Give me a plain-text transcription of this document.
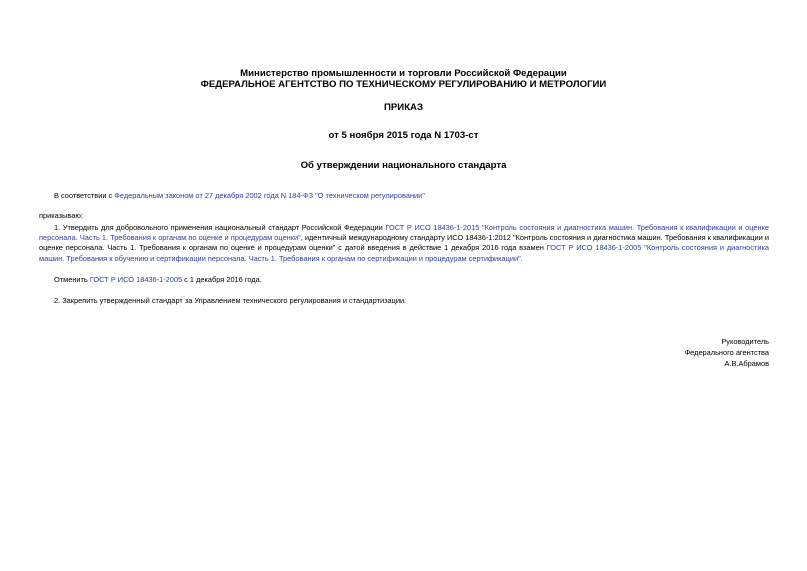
Министерство промышленности и торговли Российской Федерации
ФЕДЕРАЛЬНОЕ АГЕНТСТВО ПО ТЕХНИЧЕСКОМУ РЕГУЛИРОВАНИЮ И МЕТРОЛОГИИ
ПРИКАЗ
от 5 ноября 2015 года N 1703-ст
Об утверждении национального стандарта
В соответствии с Федеральным законом от 27 декабря 2002 года N 184-ФЗ "О техническом регулировании"
приказываю:
1. Утвердить для добровольного применения национальный стандарт Российской Федерации ГОСТ Р ИСО 18436-1-2015 "Контроль состояния и диагностика машин. Требования к квалификации и оценке персонала. Часть 1. Требования к органам по оценке и процедурам оценки", идентичный международному стандарту ИСО 18436-1:2012 "Контроль состояния и диагностика машин. Требования к квалификации и оценке персонала. Часть 1. Требования к органам по оценке и процедурам оценки" с датой введения в действие 1 декабря 2016 года взамен ГОСТ Р ИСО 18436-1-2005 "Контроль состояния и диагностика машин. Требования к обучению и сертификации персонала. Часть 1. Требования к органам по сертификации и процедурам сертификации".
Отменить ГОСТ Р ИСО 18436-1-2005 с 1 декабря 2016 года.
2. Закрепить утвержденный стандарт за Управлением технического регулирования и стандартизации.
Руководитель
Федерального агентства
А.В.Абрамов
